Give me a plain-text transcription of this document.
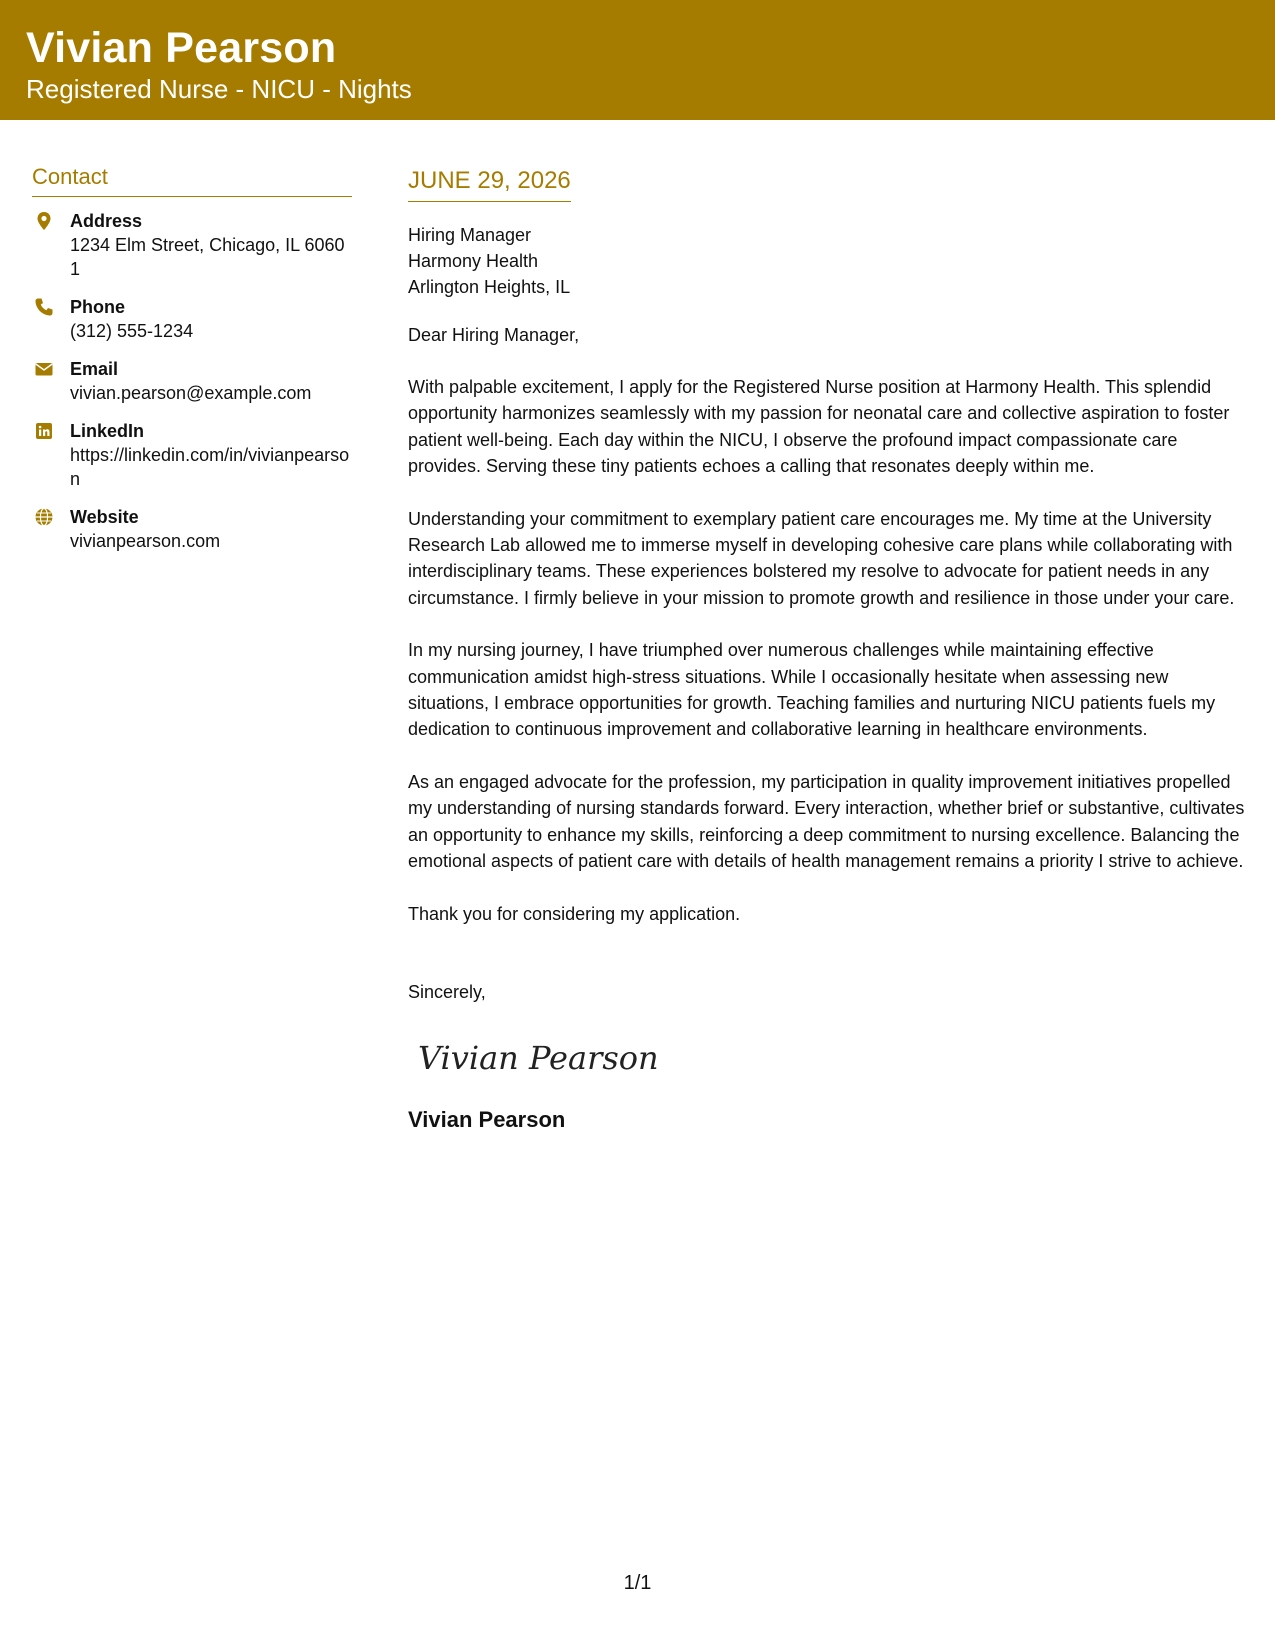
Vivian Pearson
Registered Nurse - NICU - Nights
Contact
Address
1234 Elm Street, Chicago, IL 60601
Phone
(312) 555-1234
Email
vivian.pearson@example.com
LinkedIn
https://linkedin.com/in/vivianpearson
Website
vivianpearson.com
JUNE 29, 2026
Hiring Manager
Harmony Health
Arlington Heights, IL
Dear Hiring Manager,

With palpable excitement, I apply for the Registered Nurse position at Harmony Health. This splendid opportunity harmonizes seamlessly with my passion for neonatal care and collective aspiration to foster patient well-being. Each day within the NICU, I observe the profound impact compassionate care provides. Serving these tiny patients echoes a calling that resonates deeply within me.

Understanding your commitment to exemplary patient care encourages me. My time at the University Research Lab allowed me to immerse myself in developing cohesive care plans while collaborating with interdisciplinary teams. These experiences bolstered my resolve to advocate for patient needs in any circumstance. I firmly believe in your mission to promote growth and resilience in those under your care.

In my nursing journey, I have triumphed over numerous challenges while maintaining effective communication amidst high-stress situations. While I occasionally hesitate when assessing new situations, I embrace opportunities for growth. Teaching families and nurturing NICU patients fuels my dedication to continuous improvement and collaborative learning in healthcare environments.

As an engaged advocate for the profession, my participation in quality improvement initiatives propelled my understanding of nursing standards forward. Every interaction, whether brief or substantive, cultivates an opportunity to enhance my skills, reinforcing a deep commitment to nursing excellence. Balancing the emotional aspects of patient care with details of health management remains a priority I strive to achieve.

Thank you for considering my application.

Sincerely,
Vivian Pearson
Vivian Pearson
1/1
